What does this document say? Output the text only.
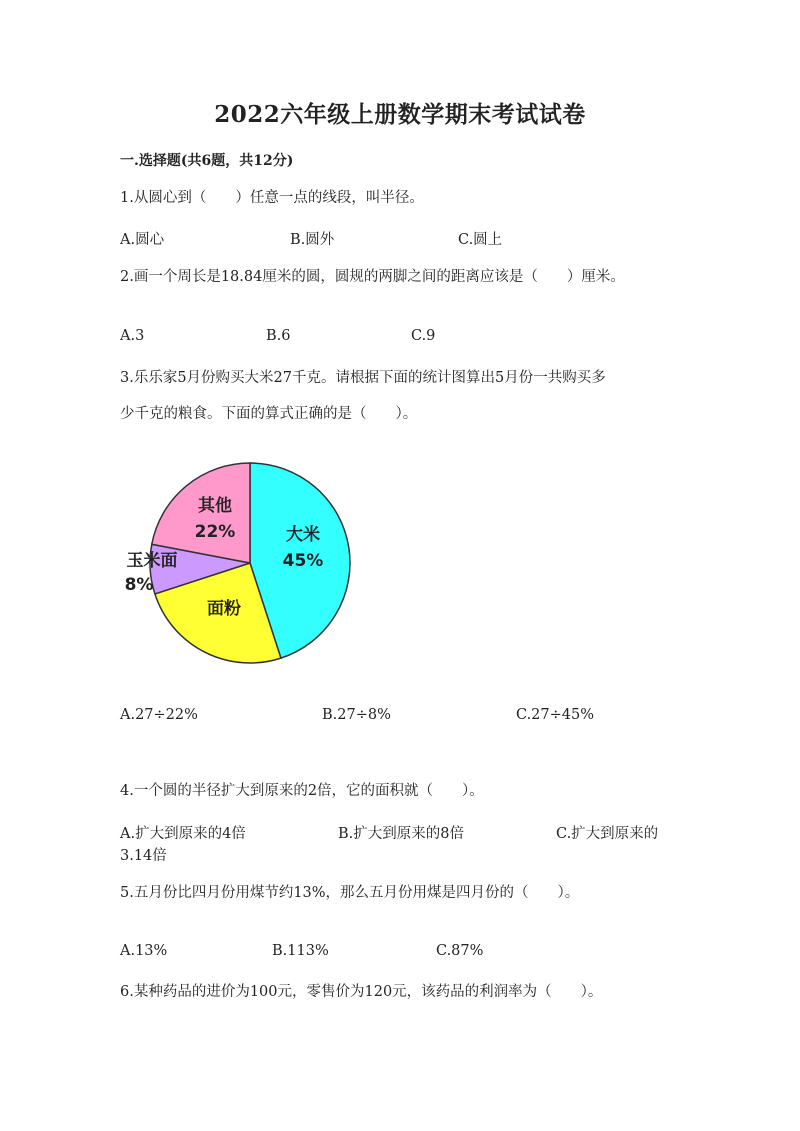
2022六年级上册数学期末考试试卷
一.选择题(共6题，共12分)
1.从圆心到（　　）任意一点的线段，叫半径。
A.圆心	B.圆外	C.圆上
2.画一个周长是18.84厘米的圆，圆规的两脚之间的距离应该是（　　）厘米。
A.3	B.6	C.9
3.乐乐家5月份购买大米27千克。请根据下面的统计图算出5月份一共购买多
少千克的粮食。下面的算式正确的是（　　）。
大米
45%
面粉
玉米面
8%
其他
22%
A.27÷22%	B.27÷8%	C.27÷45%
4.一个圆的半径扩大到原来的2倍，它的面积就（　　）。
A.扩大到原来的4倍	B.扩大到原来的8倍	C.扩大到原来的
3.14倍
5.五月份比四月份用煤节约13%，那么五月份用煤是四月份的（　　）。
A.13%	B.113%	C.87%
6.某种药品的进价为100元，零售价为120元，该药品的利润率为（　　）。
